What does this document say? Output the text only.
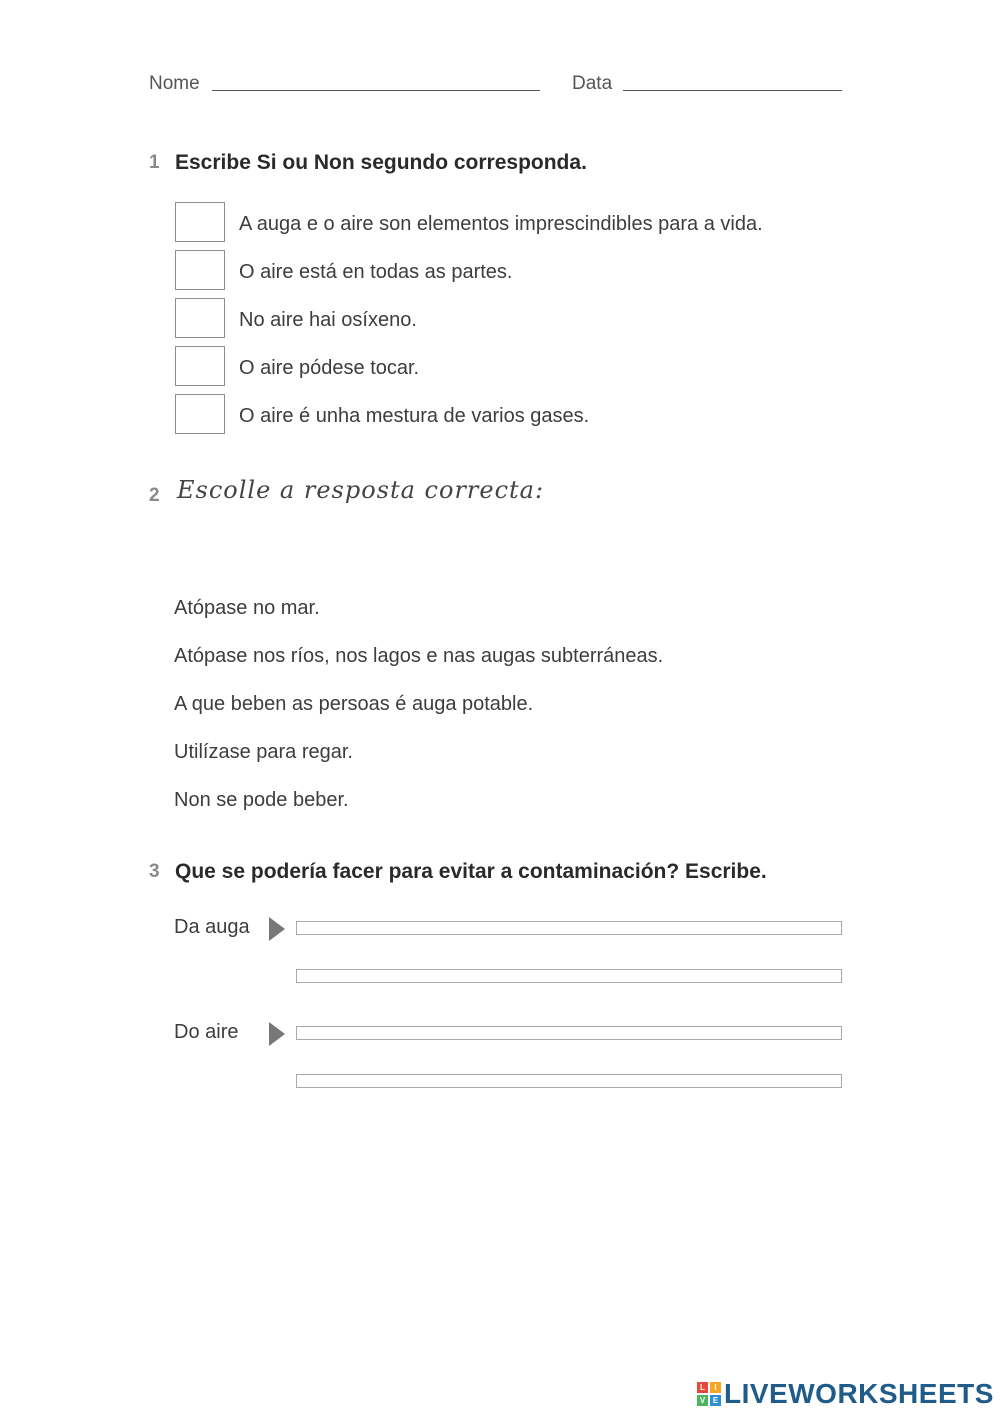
Nome	Data
1 Escribe Si ou Non segundo corresponda.
A auga e o aire son elementos imprescindibles para a vida.
O aire está en todas as partes.
No aire hai osíxeno.
O aire pódese tocar.
O aire é unha mestura de varios gases.
2 Escolle a resposta correcta:
Atópase no mar.
Atópase nos ríos, nos lagos e nas augas subterráneas.
A que beben as persoas é auga potable.
Utilízase para regar.
Non se pode beber.
3 Que se podería facer para evitar a contaminación? Escribe.
Da auga
Do aire
L	I
V E LIVEWORKSHEETS
